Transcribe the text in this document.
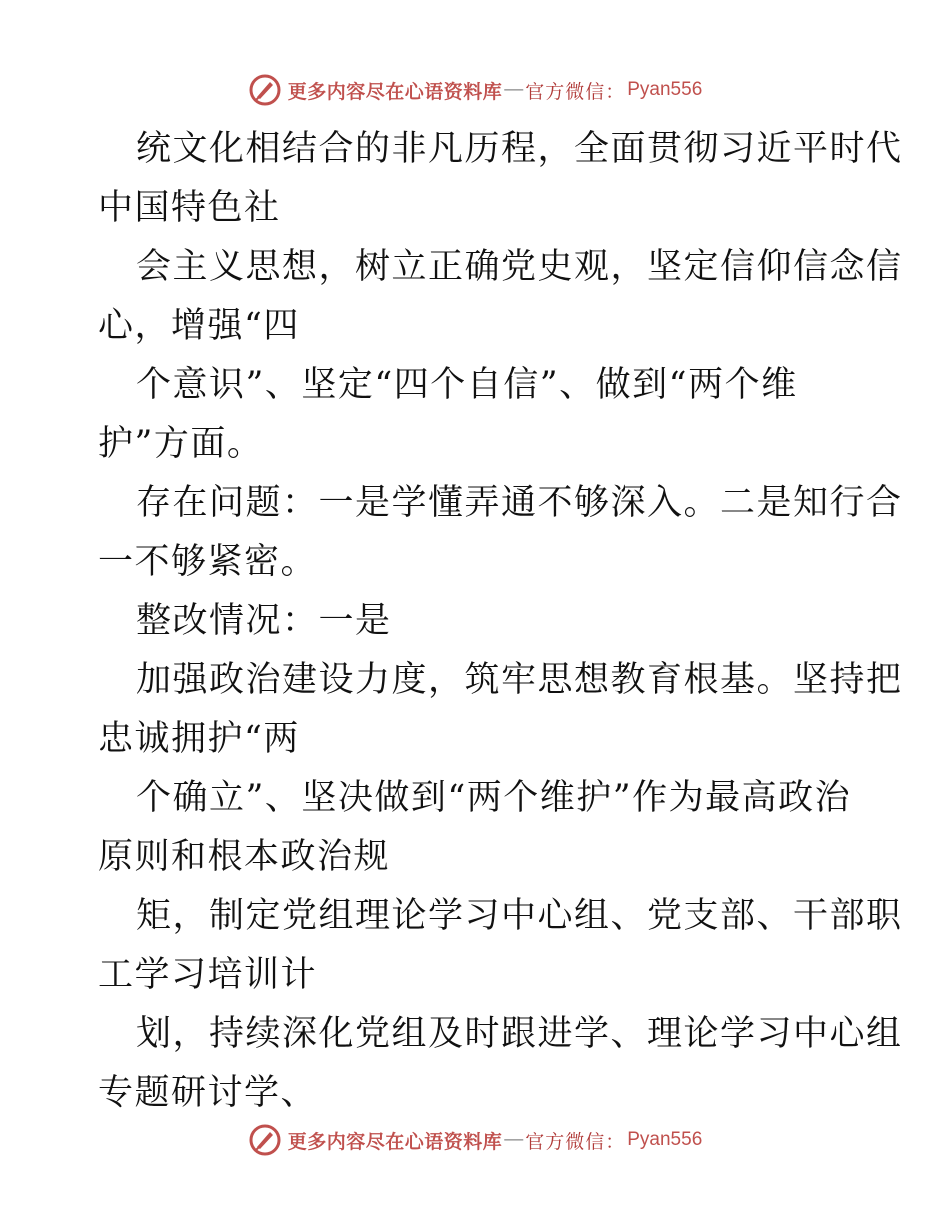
更多内容尽在心语资料库 — 官方微信： Pyan556
统文化相结合的非凡历程，全面贯彻习近平时代
中国特色社
会主义思想，树立正确党史观，坚定信仰信念信
心，增强“四
个意识”、坚定“四个自信”、做到“两个维
护”方面。
存在问题：一是学懂弄通不够深入。二是知行合
一不够紧密。
整改情况：一是
加强政治建设力度，筑牢思想教育根基。坚持把
忠诚拥护“两
个确立”、坚决做到“两个维护”作为最高政治
原则和根本政治规
矩，制定党组理论学习中心组、党支部、干部职
工学习培训计
划，持续深化党组及时跟进学、理论学习中心组
专题研讨学、
更多内容尽在心语资料库 — 官方微信： Pyan556
